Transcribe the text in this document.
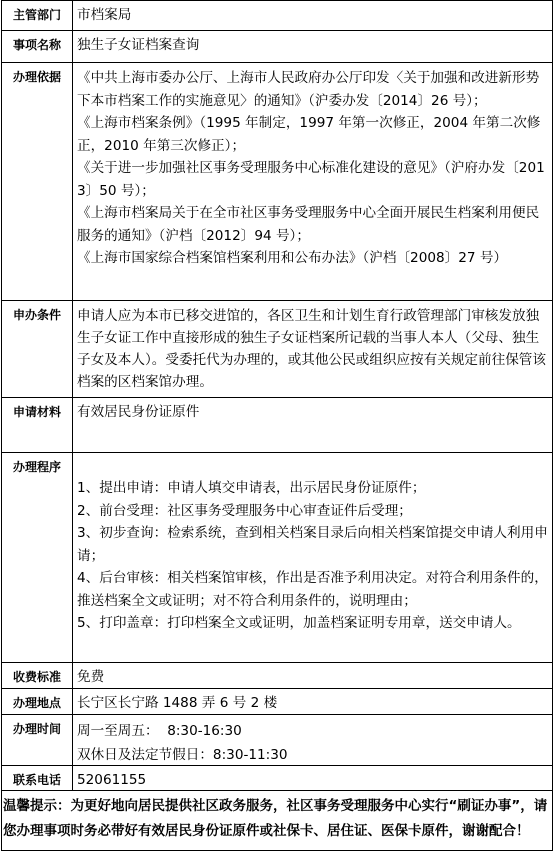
主管部门	市档案局
事项名称	独生子女证档案查询
办理依据	《中共上海市委办公厅、上海市人民政府办公厅印发〈关于加强和改进新形势下本市档案工作的实施意见〉的通知》（沪委办发〔2014〕26 号）；
《上海市档案条例》（1995 年制定，1997 年第一次修正，2004 年第二次修正，2010 年第三次修正）；
《关于进一步加强社区事务受理服务中心标准化建设的意见》（沪府办发〔2013〕50 号）；
《上海市档案局关于在全市社区事务受理服务中心全面开展民生档案利用便民服务的通知》（沪档〔2012〕94 号）；
《上海市国家综合档案馆档案利用和公布办法》（沪档〔2008〕27 号）
申办条件	申请人应为本市已移交进馆的，各区卫生和计划生育行政管理部门审核发放独生子女证工作中直接形成的独生子女证档案所记载的当事人本人（父母、独生子女及本人）。受委托代为办理的，或其他公民或组织应按有关规定前往保管该档案的区档案馆办理。
申请材料	有效居民身份证原件
办理程序
1、提出申请：申请人填交申请表，出示居民身份证原件；
2、前台受理：社区事务受理服务中心审查证件后受理；
3、初步查询：检索系统，查到相关档案目录后向相关档案馆提交申请人利用申请；
4、后台审核：相关档案馆审核，作出是否准予利用决定。对符合利用条件的，推送档案全文或证明；对不符合利用条件的，说明理由；
5、打印盖章：打印档案全文或证明，加盖档案证明专用章，送交申请人。
收费标准	免费
办理地点	长宁区长宁路 1488 弄 6 号 2 楼
办理时间	周一至周五：  8:30-16:30
双休日及法定节假日：8:30-11:30
联系电话	52061155
温馨提示：为更好地向居民提供社区政务服务，社区事务受理服务中心实行“刷证办事”，请您办理事项时务必带好有效居民身份证原件或社保卡、居住证、医保卡原件，谢谢配合！
